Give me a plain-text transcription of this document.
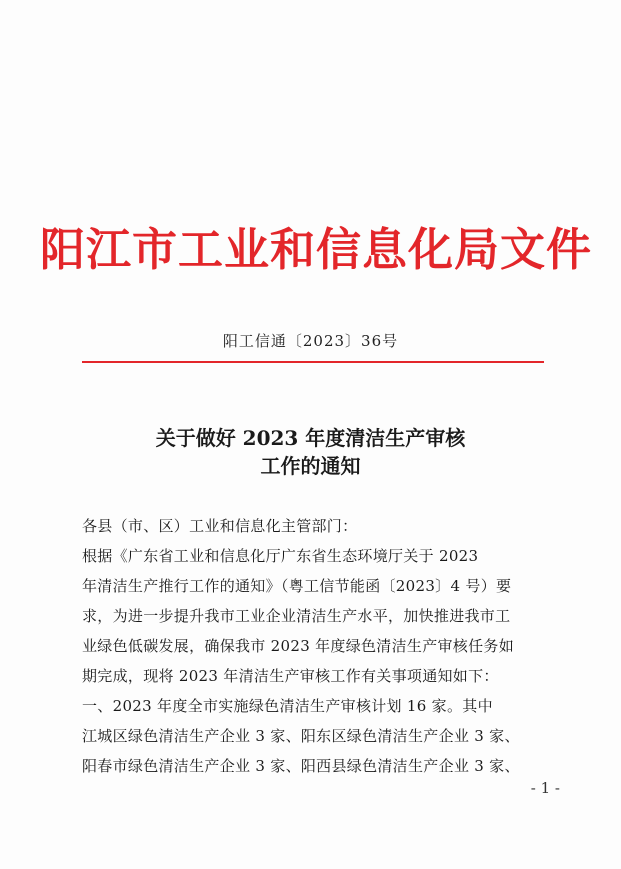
阳江市工业和信息化局文件
阳工信通〔2023〕36号
关于做好 2023 年度清洁生产审核
工作的通知
各县（市、区）工业和信息化主管部门：
根据《广东省工业和信息化厅广东省生态环境厅关于 2023
年清洁生产推行工作的通知》（粤工信节能函〔2023〕4 号）要
求，为进一步提升我市工业企业清洁生产水平，加快推进我市工
业绿色低碳发展，确保我市 2023 年度绿色清洁生产审核任务如
期完成，现将 2023 年清洁生产审核工作有关事项通知如下：
一、2023 年度全市实施绿色清洁生产审核计划 16 家。其中
江城区绿色清洁生产企业 3 家、阳东区绿色清洁生产企业 3 家、
阳春市绿色清洁生产企业 3 家、阳西县绿色清洁生产企业 3 家、
- 1 -
